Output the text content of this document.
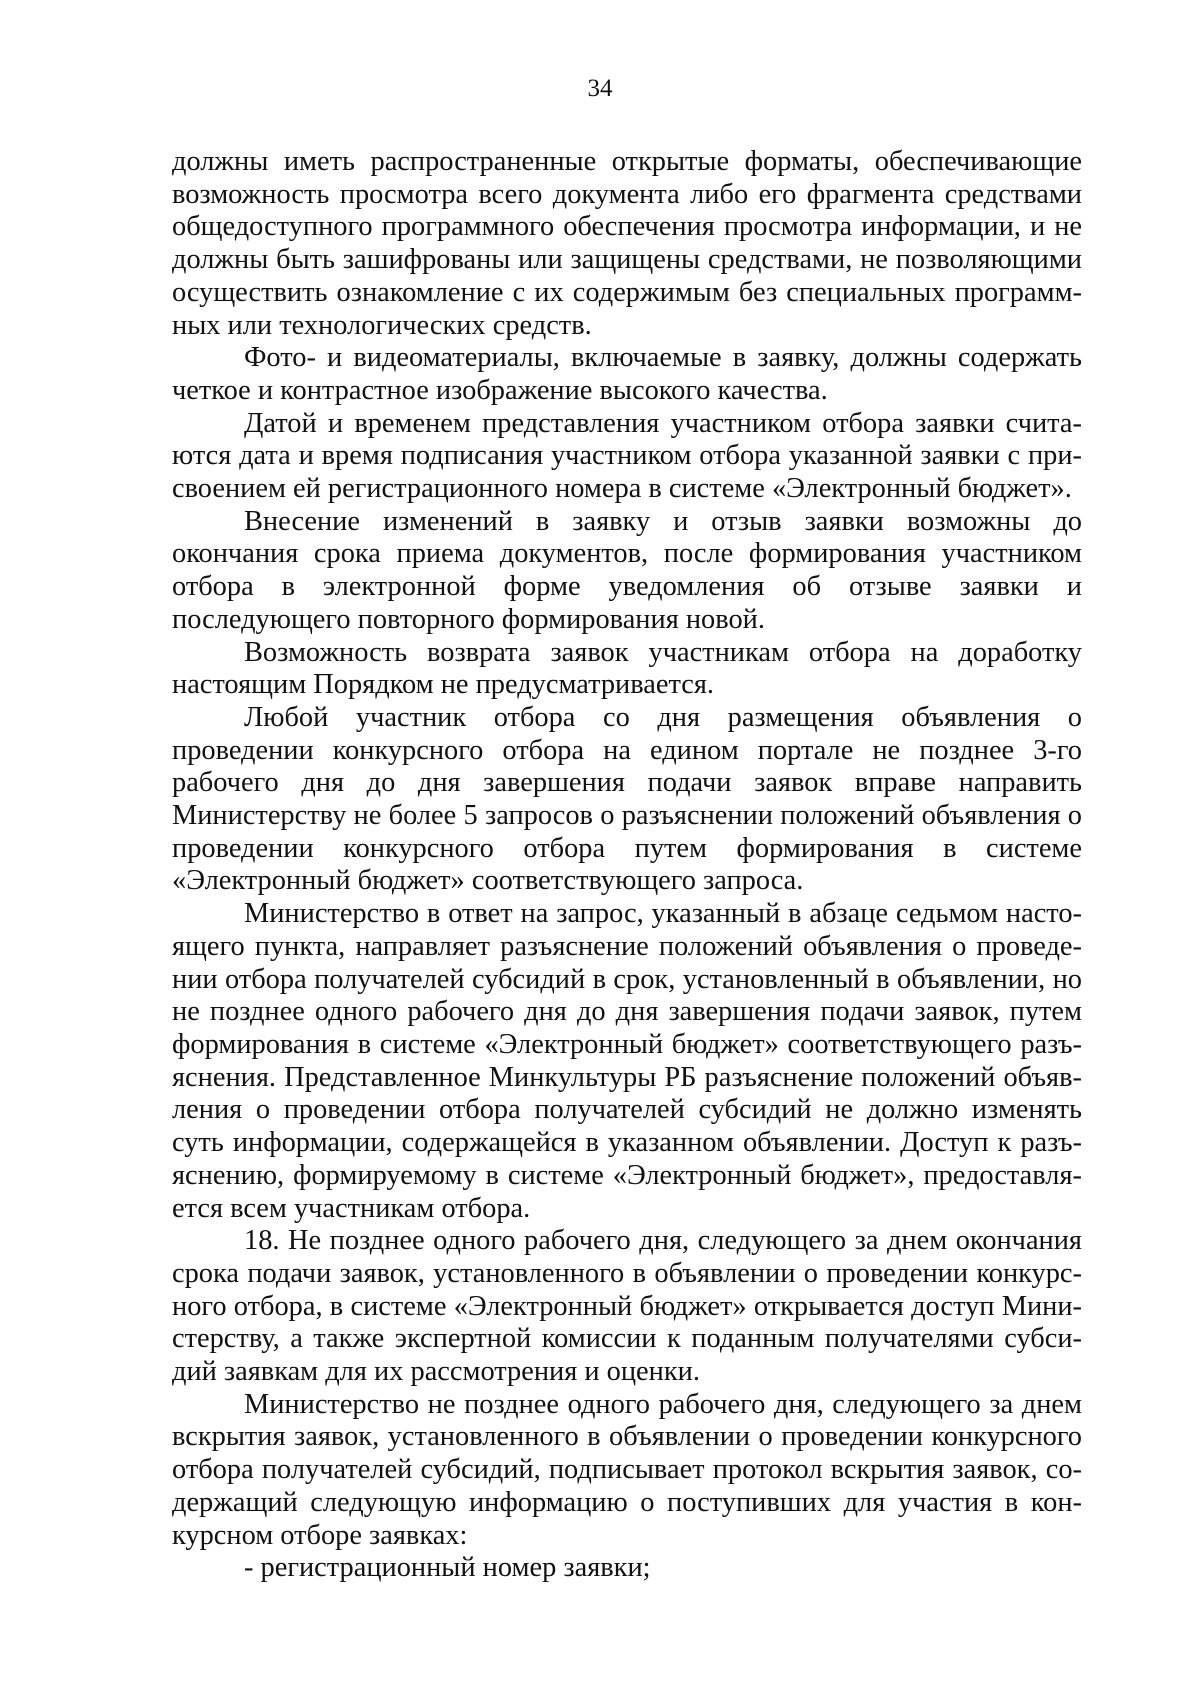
34

должны иметь распространенные открытые форматы, обеспечивающие возможность просмотра всего документа либо его фрагмента средствами общедоступного программного обеспечения просмотра информации, и не должны быть зашифрованы или защищены средствами, не позволяющими осуществить ознакомление с их содержимым без специальных программных или технологических средств.

Фото- и видеоматериалы, включаемые в заявку, должны содержать четкое и контрастное изображение высокого качества.

Датой и временем представления участником отбора заявки считаются дата и время подписания участником отбора указанной заявки с присвоением ей регистрационного номера в системе «Электронный бюджет».

Внесение изменений в заявку и отзыв заявки возможны до окончания срока приема документов, после формирования участником отбора в электронной форме уведомления об отзыве заявки и последующего повторного формирования новой.

Возможность возврата заявок участникам отбора на доработку настоящим Порядком не предусматривается.

Любой участник отбора со дня размещения объявления о проведении конкурсного отбора на едином портале не позднее 3-го рабочего дня до дня завершения подачи заявок вправе направить Министерству не более 5 запросов о разъяснении положений объявления о проведении конкурсного отбора путем формирования в системе «Электронный бюджет» соответствующего запроса.

Министерство в ответ на запрос, указанный в абзаце седьмом настоящего пункта, направляет разъяснение положений объявления о проведении отбора получателей субсидий в срок, установленный в объявлении, но не позднее одного рабочего дня до дня завершения подачи заявок, путем формирования в системе «Электронный бюджет» соответствующего разъяснения. Представленное Минкультуры РБ разъяснение положений объявления о проведении отбора получателей субсидий не должно изменять суть информации, содержащейся в указанном объявлении. Доступ к разъяснению, формируемому в системе «Электронный бюджет», предоставляется всем участникам отбора.

18. Не позднее одного рабочего дня, следующего за днем окончания срока подачи заявок, установленного в объявлении о проведении конкурсного отбора, в системе «Электронный бюджет» открывается доступ Министерству, а также экспертной комиссии к поданным получателями субсидий заявкам для их рассмотрения и оценки.

Министерство не позднее одного рабочего дня, следующего за днем вскрытия заявок, установленного в объявлении о проведении конкурсного отбора получателей субсидий, подписывает протокол вскрытия заявок, содержащий следующую информацию о поступивших для участия в конкурсном отборе заявках:

- регистрационный номер заявки;
